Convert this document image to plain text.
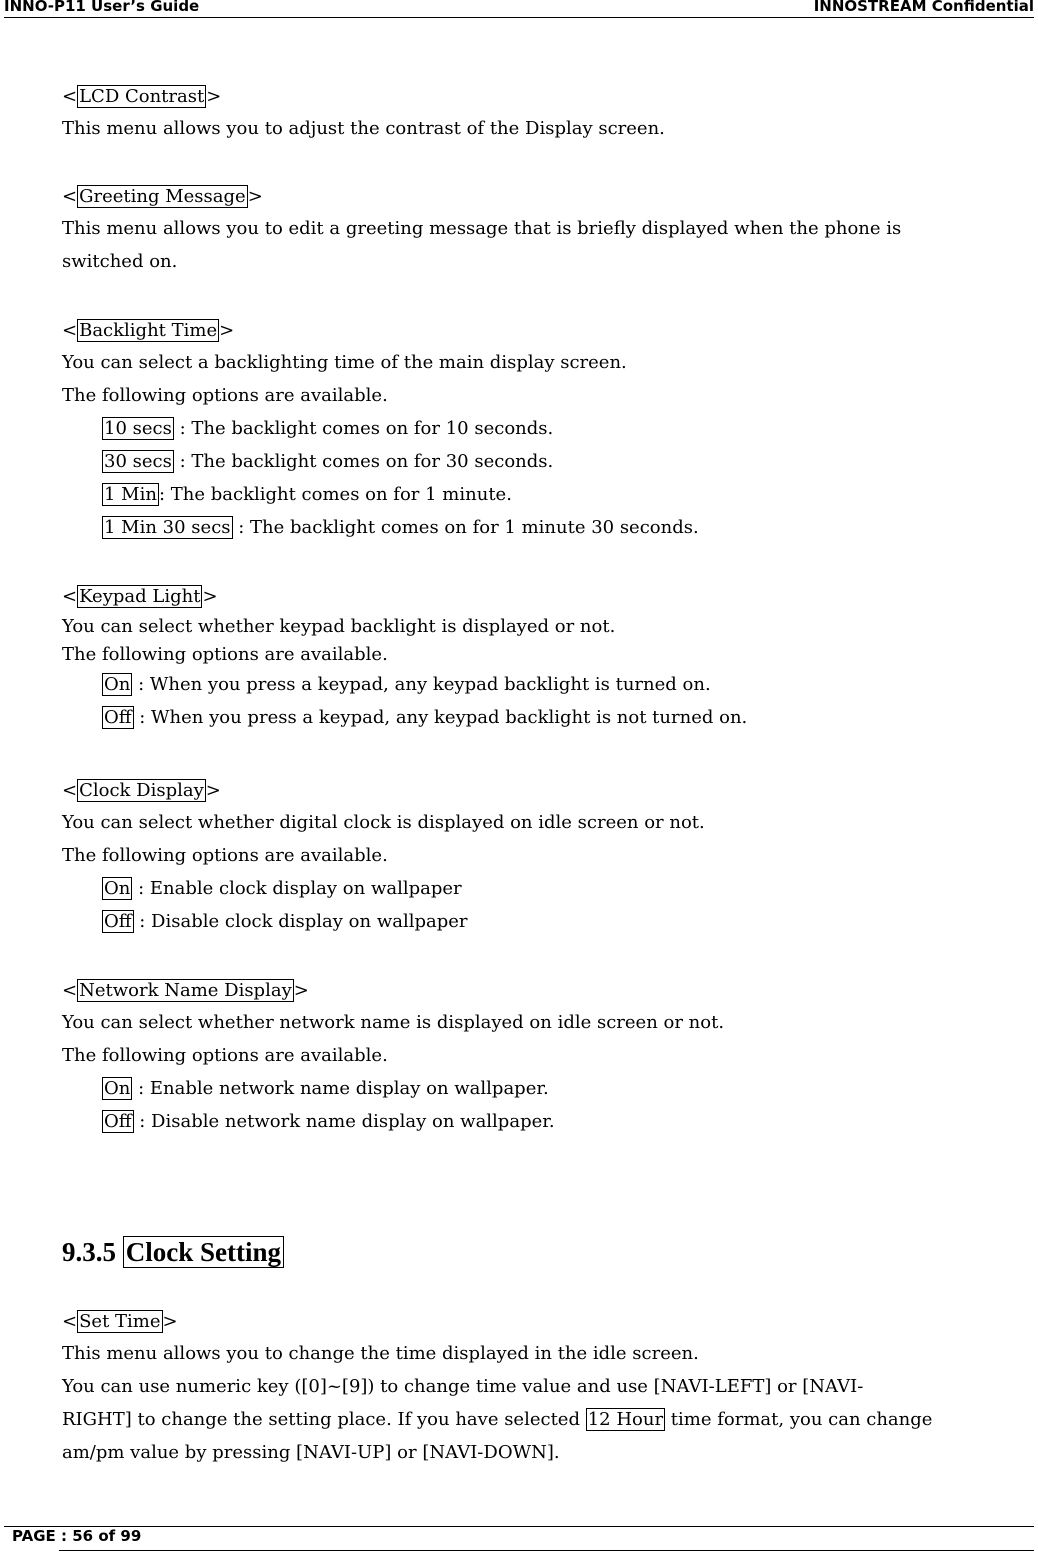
INNO-P11 User’s Guide	INNOSTREAM Confidential
< LCD Contrast >
This menu allows you to adjust the contrast of the Display screen.
< Greeting Message >
This menu allows you to edit a greeting message that is briefly displayed when the phone is
switched on.
< Backlight Time >
You can select a backlighting time of the main display screen.
The following options are available.
10 secs : The backlight comes on for 10 seconds.
30 secs : The backlight comes on for 30 seconds.
1 Min : The backlight comes on for 1 minute.
1 Min 30 secs : The backlight comes on for 1 minute 30 seconds.
< Keypad Light >
You can select whether keypad backlight is displayed or not.
The following options are available.
On : When you press a keypad, any keypad backlight is turned on.
Off : When you press a keypad, any keypad backlight is not turned on.
< Clock Display >
You can select whether digital clock is displayed on idle screen or not.
The following options are available.
On : Enable clock display on wallpaper
Off : Disable clock display on wallpaper
< Network Name Display >
You can select whether network name is displayed on idle screen or not.
The following options are available.
On : Enable network name display on wallpaper.
Off : Disable network name display on wallpaper.
9.3.5 Clock Setting
< Set Time >
This menu allows you to change the time displayed in the idle screen.
You can use numeric key ([0]~[9]) to change time value and use [NAVI-LEFT] or [NAVI-
RIGHT] to change the setting place. If you have selected 12 Hour time format, you can change
am/pm value by pressing [NAVI-UP] or [NAVI-DOWN].
PAGE : 56 of 99
